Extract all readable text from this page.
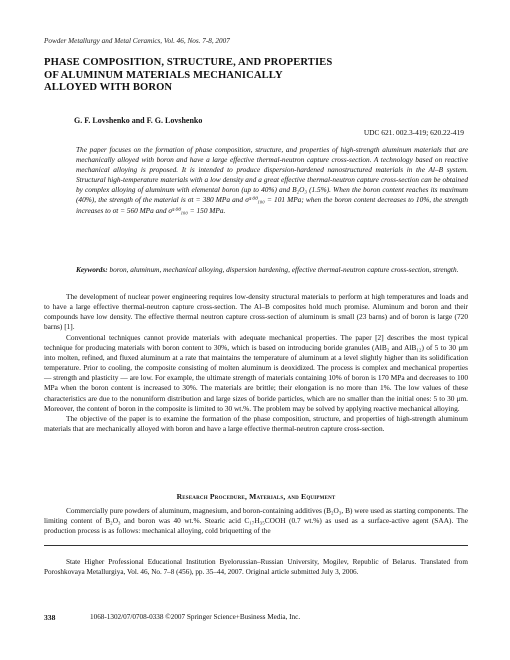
Powder Metallurgy and Metal Ceramics, Vol. 46, Nos. 7-8, 2007
PHASE COMPOSITION, STRUCTURE, AND PROPERTIES
OF ALUMINUM MATERIALS MECHANICALLY
ALLOYED WITH BORON
G. F. Lovshenko and F. G. Lovshenko
UDC 621. 002.3-419; 620.22-419
The paper focuses on the formation of phase composition, structure, and properties of high-strength aluminum materials that are mechanically alloyed with boron and have a large effective thermal-neutron capture cross-section. A technology based on reactive mechanical alloying is proposed. It is intended to produce dispersion-hardened nanostructured materials in the Al–B system. Structural high-temperature materials with a low density and a great effective thermal-neutron capture cross-section can be obtained by complex alloying of aluminum with elemental boron (up to 40%) and B₂O₃ (1.5%). When the boron content reaches its maximum (40%), the strength of the material is σt = 380 MPa and σ⁵⁰⁰₁₀₀ = 101 MPa; when the boron content decreases to 10%, the strength increases to σt = 560 MPa and σ⁵⁰⁰₁₀₀ = 150 MPa.
Keywords: boron, aluminum, mechanical alloying, dispersion hardening, effective thermal-neutron capture cross-section, strength.

The development of nuclear power engineering requires low-density structural materials to perform at high temperatures and loads and to have a large effective thermal-neutron capture cross-section. The Al–B composites hold much promise. Aluminum and boron and their compounds have low density. The effective thermal neutron capture cross-section of aluminum is small (23 barns) and of boron is large (720 barns) [1].

Conventional techniques cannot provide materials with adequate mechanical properties. The paper [2] describes the most typical technique for producing materials with boron content to 30%, which is based on introducing boride granules (AlB₂ and AlB₁₂) of 5 to 30 μm into molten, refined, and fluxed aluminum at a rate that maintains the temperature of aluminum at a level slightly higher than its solidification temperature. Prior to cooling, the composite consisting of molten aluminum is deoxidized. The process is complex and mechanical properties — strength and plasticity — are low. For example, the ultimate strength of materials containing 10% of boron is 170 MPa and decreases to 100 MPa when the boron content is increased to 30%. The materials are brittle; their elongation is no more than 1%. The low values of these characteristics are due to the nonuniform distribution and large sizes of boride particles, which are no smaller than the initial ones: 5 to 30 μm. Moreover, the content of boron in the composite is limited to 30 wt.%. The problem may be solved by applying reactive mechanical alloying.

The objective of the paper is to examine the formation of the phase composition, structure, and properties of high-strength aluminum materials that are mechanically alloyed with boron and have a large effective thermal-neutron capture cross-section.

Research Procedure, Materials, and Equipment

Commercially pure powders of aluminum, magnesium, and boron-containing additives (B₂O₃, B) were used as starting components. The limiting content of B₂O₃ and boron was 40 wt.%. Stearic acid C₁₇H₃₅COOH (0.7 wt.%) as used as a surface-active agent (SAA). The production process is as follows: mechanical alloying, cold briquetting of the

State Higher Professional Educational Institution Byelorussian–Russian University, Mogilev, Republic of Belarus. Translated from Poroshkovaya Metallurgiya, Vol. 46, No. 7–8 (456), pp. 35–44, 2007. Original article submitted July 3, 2006.

338	1068-1302/07/0708-0338 ©2007 Springer Science+Business Media, Inc.
